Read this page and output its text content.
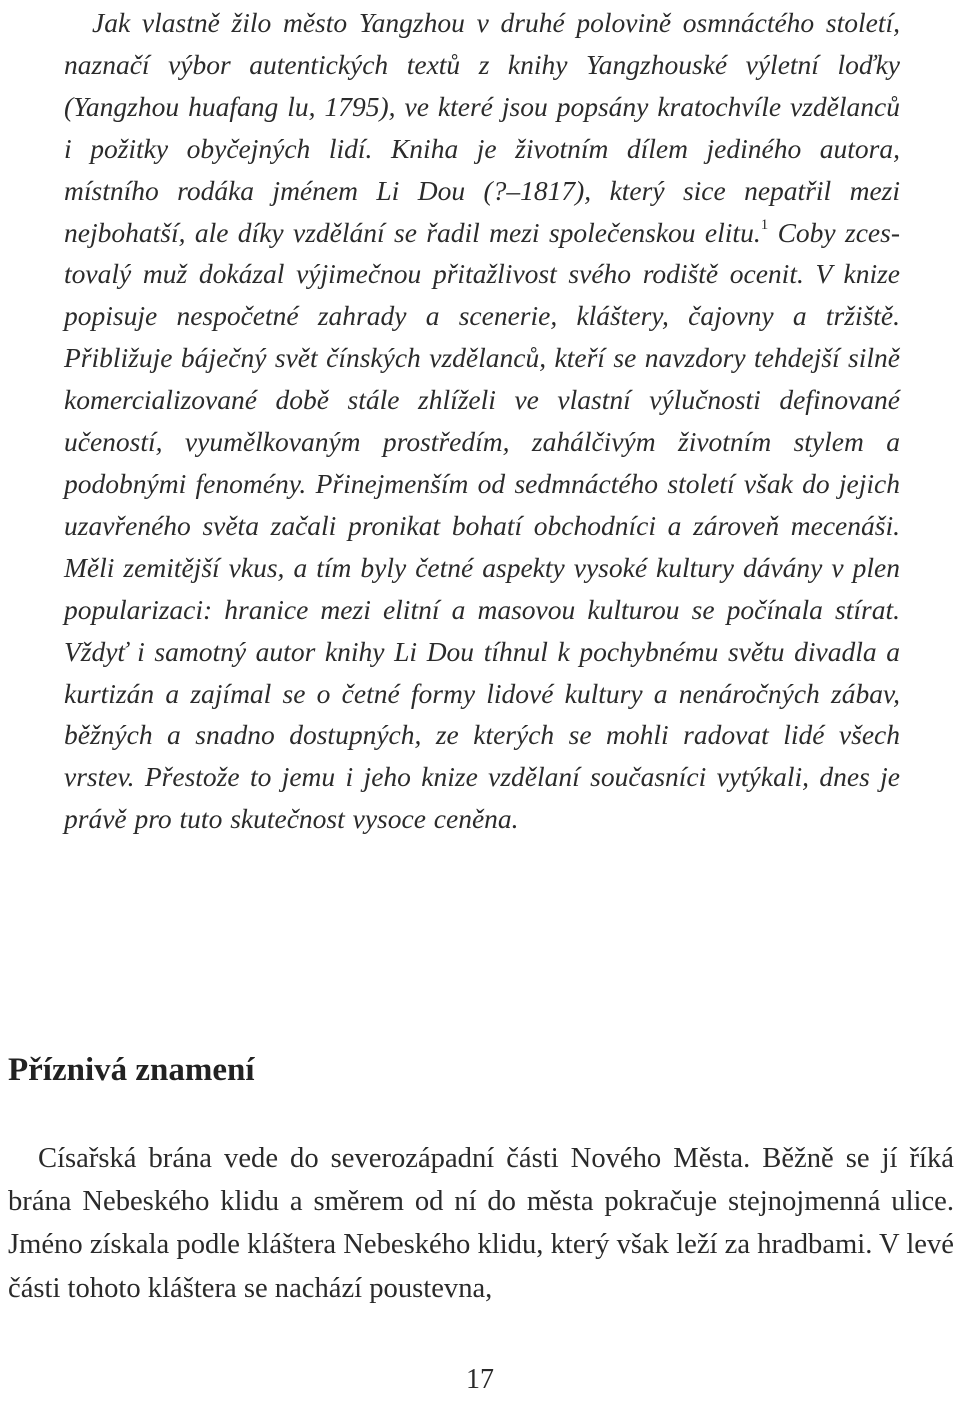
Jak vlastně žilo město Yangzhou v druhé polovině osmnáctého století, naznačí výbor autentických textů z knihy Yangzhouské výletní loďky (Yangzhou huafang lu, 1795), ve které jsou popsány kratochvíle vzdělanců i požitky obyčejných lidí. Kniha je životním dílem jediného autora, místního rodáka jménem Li Dou (?–1817), který sice nepatřil mezi nejbohatší, ale díky vzdělání se řadil mezi společenskou elitu.$^1$ Coby zcestovalý muž dokázal výjimečnou přitažlivost svého rodiště ocenit. V knize popisuje nespočetné zahrady a scenerie, kláštery, čajovny a tržiště. Přibližuje báječný svět čínských vzdělanců, kteří se navzdory tehdejší silně komercializované době stále zhlíželi ve vlastní výlučnosti definované učeností, vyumělkovaným prostředím, zahálčivým životním stylem a podobnými fenomény. Přinejmenším od sedmnáctého století však do jejich uzavřeného světa začali pronikat bohatí obchodníci a zároveň mecenáši. Měli zemitější vkus, a tím byly četné aspekty vysoké kultury dávány v plen popularizaci: hranice mezi elitní a masovou kulturou se počínala stírat. Vždyť i samotný autor knihy Li Dou tíhnul k pochybnému světu divadla a kurtizán a zajímal se o četné formy lidové kultury a nenáročných zábav, běžných a snadno dostupných, ze kterých se mohli radovat lidé všech vrstev. Přestože to jemu i jeho knize vzdělaní současníci vytýkali, dnes je právě pro tuto skutečnost vysoce ceněna.

Příznivá znamení

Císařská brána vede do severozápadní části Nového Města. Běžně se jí říká brána Nebeského klidu a směrem od ní do města pokračuje stejnojmenná ulice. Jméno získala podle kláštera Nebeského klidu, který však leží za hradbami. V levé části tohoto kláštera se nachází poustevna,

17
